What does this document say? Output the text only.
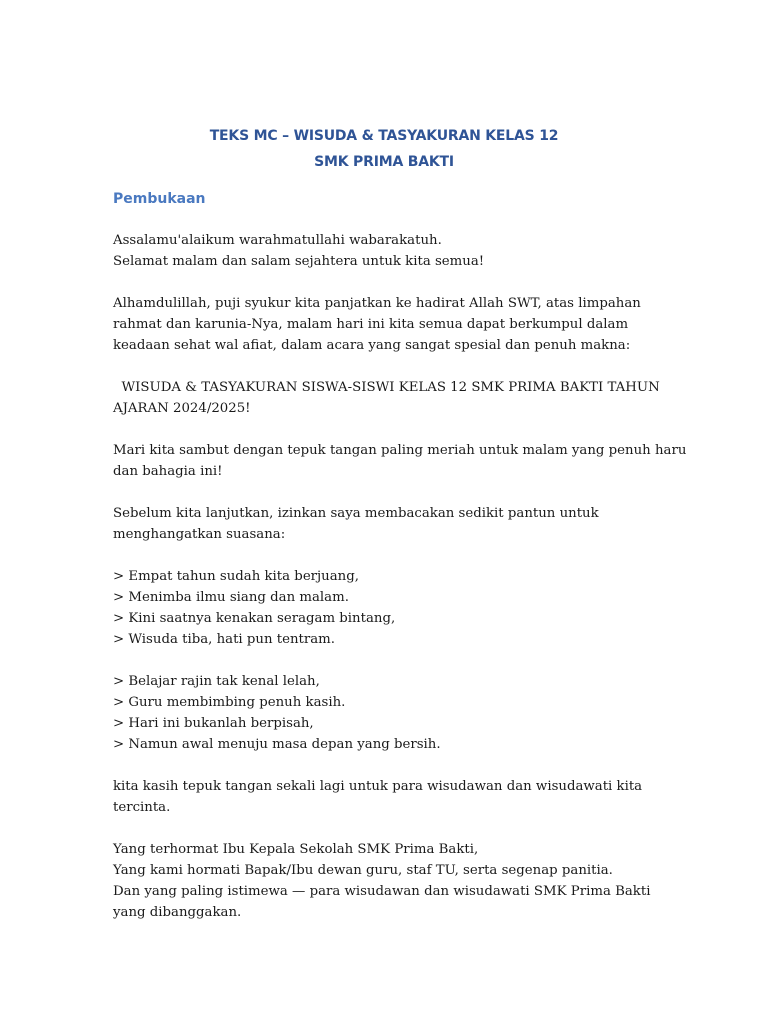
TEKS MC – WISUDA & TASYAKURAN KELAS 12
SMK PRIMA BAKTI
Pembukaan
Assalamu'alaikum warahmatullahi wabarakatuh.
Selamat malam dan salam sejahtera untuk kita semua!
Alhamdulillah, puji syukur kita panjatkan ke hadirat Allah SWT, atas limpahan
rahmat dan karunia-Nya, malam hari ini kita semua dapat berkumpul dalam
keadaan sehat wal afiat, dalam acara yang sangat spesial dan penuh makna:
WISUDA & TASYAKURAN SISWA-SISWI KELAS 12 SMK PRIMA BAKTI TAHUN
AJARAN 2024/2025!
Mari kita sambut dengan tepuk tangan paling meriah untuk malam yang penuh haru
dan bahagia ini!
Sebelum kita lanjutkan, izinkan saya membacakan sedikit pantun untuk
menghangatkan suasana:
> Empat tahun sudah kita berjuang,
> Menimba ilmu siang dan malam.
> Kini saatnya kenakan seragam bintang,
> Wisuda tiba, hati pun tentram.
> Belajar rajin tak kenal lelah,
> Guru membimbing penuh kasih.
> Hari ini bukanlah berpisah,
> Namun awal menuju masa depan yang bersih.
kita kasih tepuk tangan sekali lagi untuk para wisudawan dan wisudawati kita
tercinta.
Yang terhormat Ibu Kepala Sekolah SMK Prima Bakti,
Yang kami hormati Bapak/Ibu dewan guru, staf TU, serta segenap panitia.
Dan yang paling istimewa — para wisudawan dan wisudawati SMK Prima Bakti
yang dibanggakan.
